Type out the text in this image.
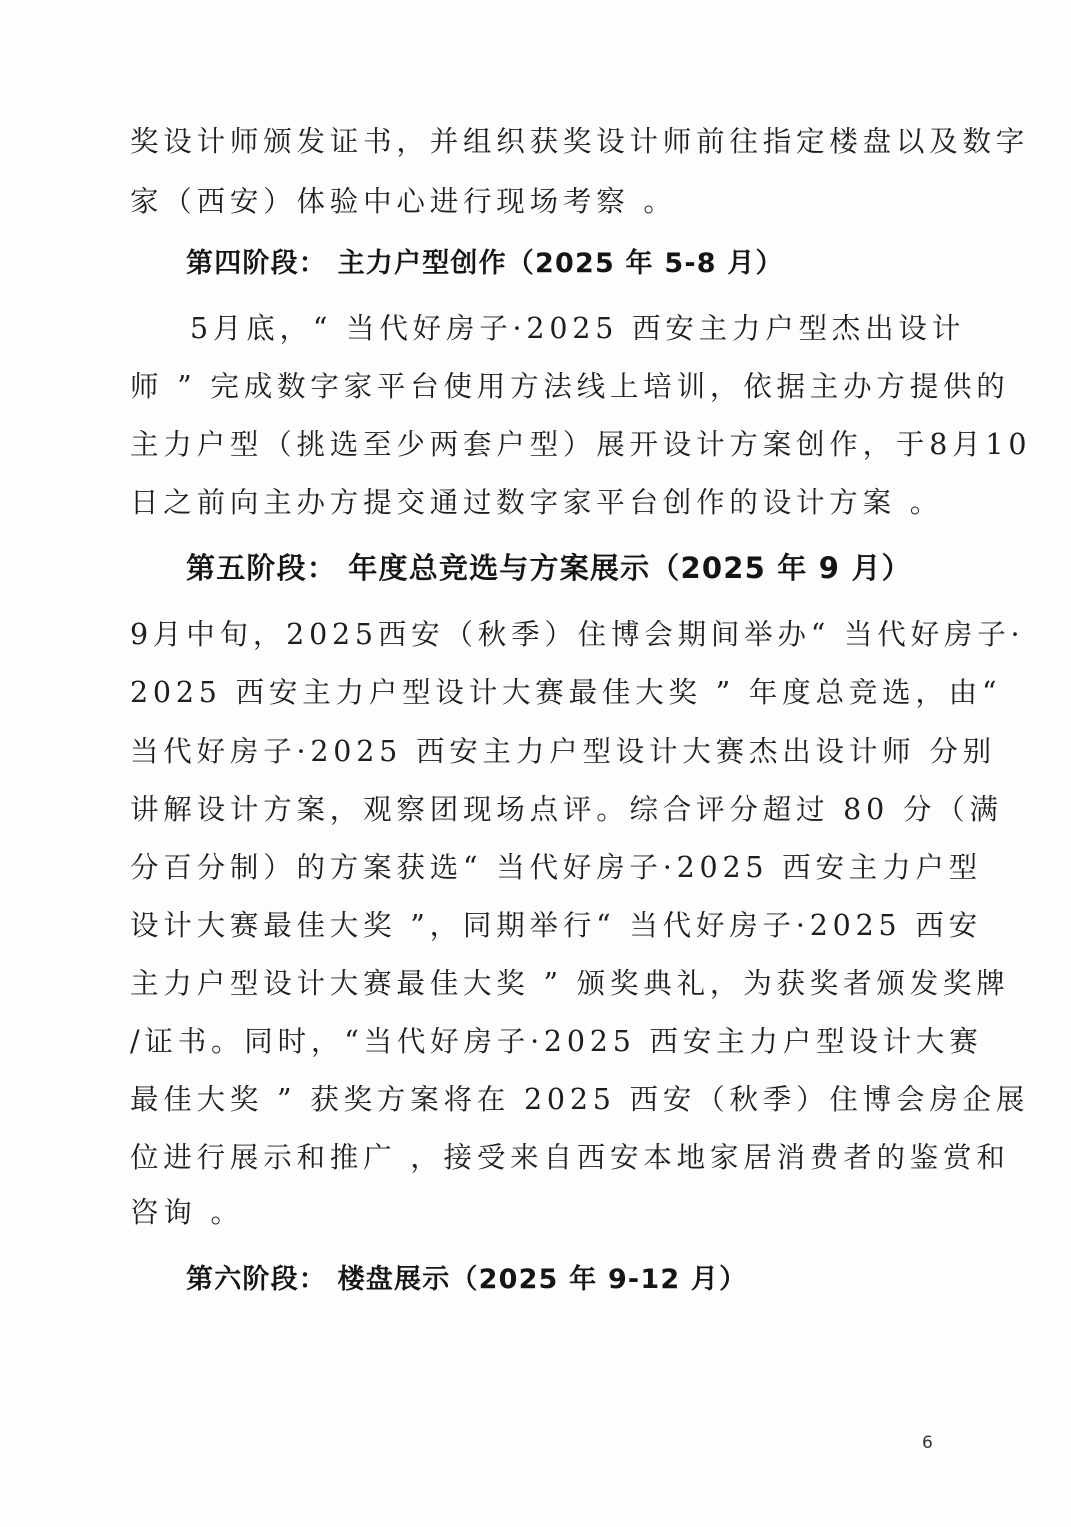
奖设计师颁发证书，并组织获奖设计师前往指定楼盘以及数字
家（西安）体验中心进行现场考察 。
第四阶段： 主力户型创作（2025 年 5-8 月）
5月底，“ 当代好房子·2025 西安主力户型杰出设计
师 ” 完成数字家平台使用方法线上培训，依据主办方提供的
主力户型（挑选至少两套户型）展开设计方案创作，于8月10
日之前向主办方提交通过数字家平台创作的设计方案 。
第五阶段： 年度总竞选与方案展示（2025 年 9 月）
9月中旬，2025西安（秋季）住博会期间举办“ 当代好房子·
2025 西安主力户型设计大赛最佳大奖 ” 年度总竞选，由“
当代好房子·2025 西安主力户型设计大赛杰出设计师 分别
讲解设计方案，观察团现场点评。综合评分超过 80 分（满
分百分制）的方案获选“ 当代好房子·2025 西安主力户型
设计大赛最佳大奖 ”，同期举行“ 当代好房子·2025 西安
主力户型设计大赛最佳大奖 ” 颁奖典礼，为获奖者颁发奖牌
/证书。同时，“当代好房子·2025 西安主力户型设计大赛
最佳大奖 ” 获奖方案将在 2025 西安（秋季）住博会房企展
位进行展示和推广 ，接受来自西安本地家居消费者的鉴赏和
咨询 。
第六阶段： 楼盘展示（2025 年 9-12 月）
6
